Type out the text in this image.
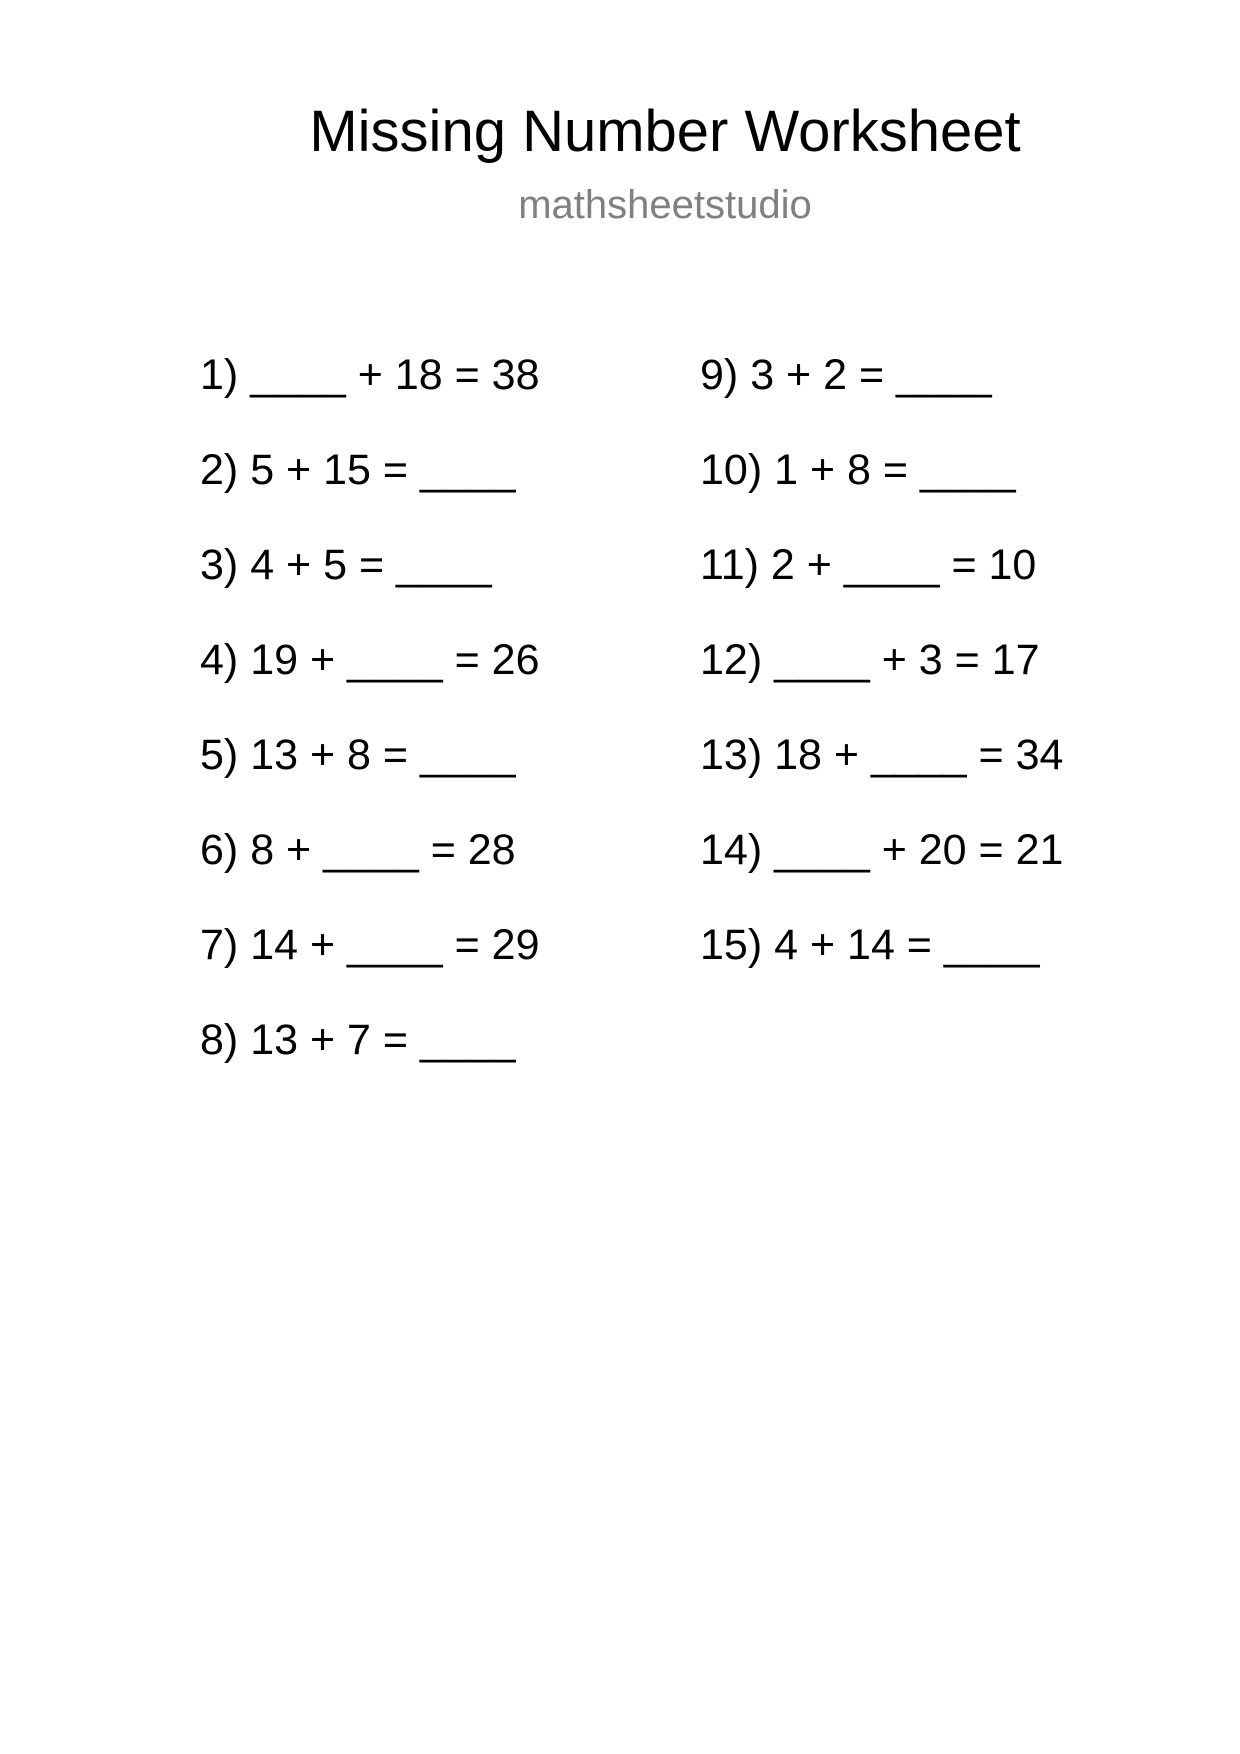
Missing Number Worksheet
mathsheetstudio
1) ____ + 18 = 38
2) 5 + 15 = ____
3) 4 + 5 = ____
4) 19 + ____ = 26
5) 13 + 8 = ____
6) 8 + ____ = 28
7) 14 + ____ = 29
8) 13 + 7 = ____
9) 3 + 2 = ____
10) 1 + 8 = ____
11) 2 + ____ = 10
12) ____ + 3 = 17
13) 18 + ____ = 34
14) ____ + 20 = 21
15) 4 + 14 = ____
